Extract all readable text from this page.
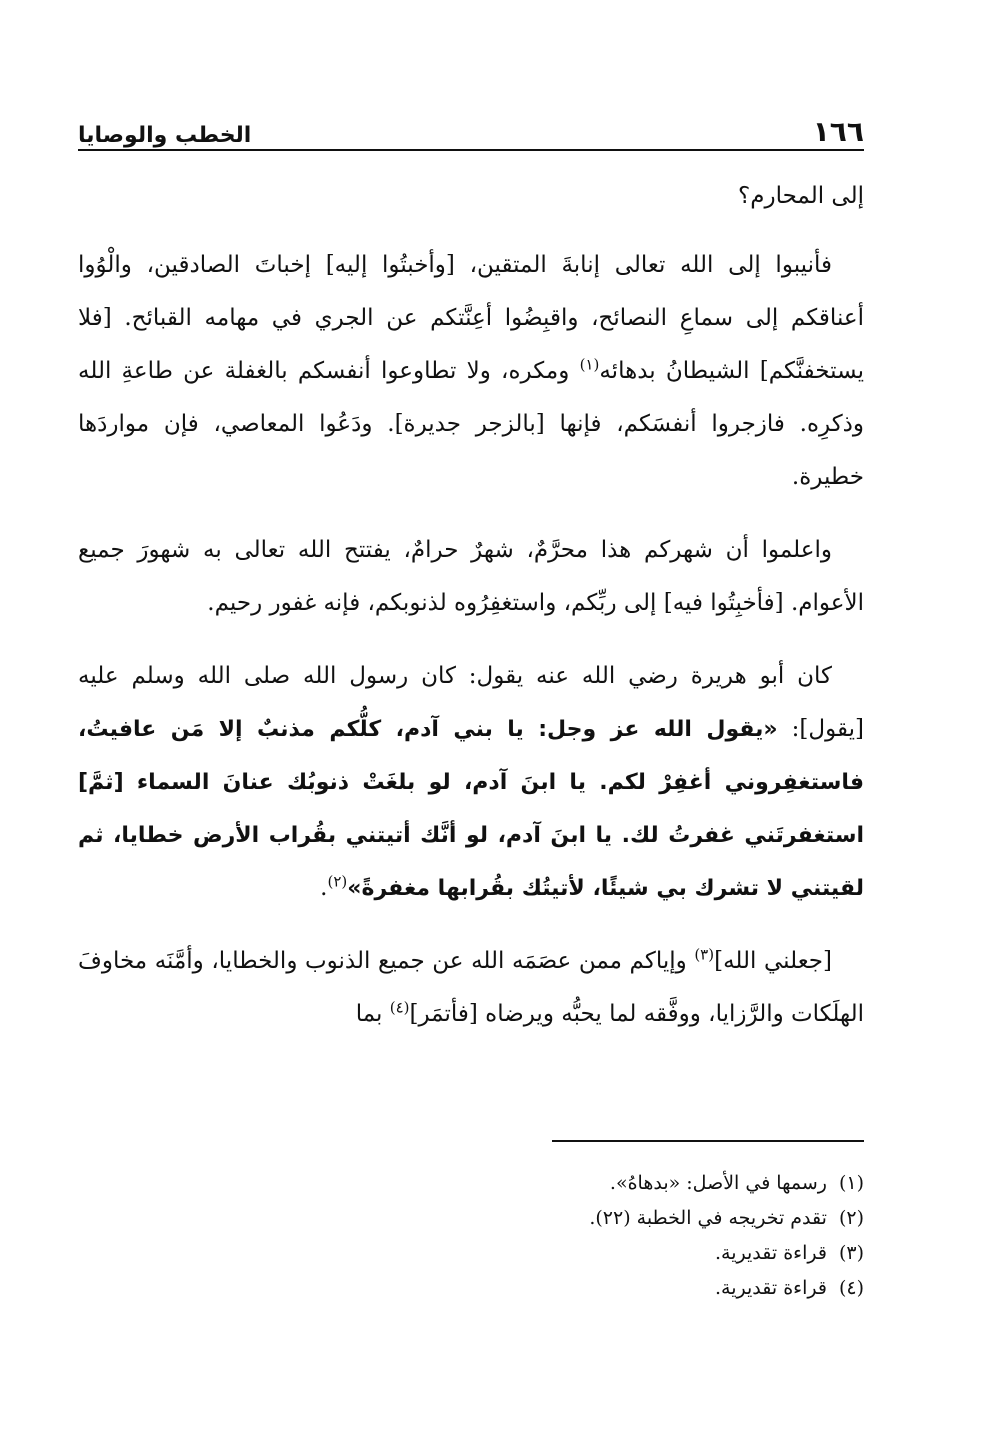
١٦٦
الخطب والوصايا

إلى المحارم؟

فأنيبوا إلى الله تعالى إنابةَ المتقين، [وأخبتُوا إليه] إخباتَ الصادقين، والْوُوا أعناقكم إلى سماعِ النصائح، واقبِضُوا أعِنَّتكم عن الجري في مهامه القبائح. [فلا يستخفنَّكم] الشيطانُ بدهائه$^{(١)}$ ومكره، ولا تطاوعوا أنفسكم بالغفلة عن طاعةِ الله وذكرِه. فازجروا أنفسَكم، فإنها [بالزجر جديرة]. ودَعُوا المعاصي، فإن مواردَها خطيرة.

واعلموا أن شهركم هذا محرَّمٌ، شهرٌ حرامٌ، يفتتح الله تعالى به شهورَ جميع الأعوام. [فأخبِتُوا فيه] إلى ربِّكم، واستغفِرُوه لذنوبكم، فإنه غفور رحيم.

كان أبو هريرة رضي الله عنه يقول: كان رسول الله صلى الله وسلم عليه [يقول]: «يقول الله عز وجل: يا بني آدم، كلُّكم مذنبٌ إلا مَن عافيتُ، فاستغفِروني أغفِرْ لكم. يا ابنَ آدم، لو بلغَتْ ذنوبُك عنانَ السماء [ثمَّ] استغفرتَني غفرتُ لك. يا ابنَ آدم، لو أنَّك أتيتني بقُراب الأرض خطايا، ثم لقيتني لا تشرك بي شيئًا، لأتيتُك بقُرابها مغفرةً»$^{(٢)}$.

[جعلني الله]$^{(٣)}$ وإياكم ممن عصَمَه الله عن جميع الذنوب والخطايا، وأمَّنَه مخاوفَ الهلَكات والرَّزايا، ووفَّقه لما يحبُّه ويرضاه [فأتمَر]$^{(٤)}$ بما

(١)رسمها في الأصل: «بدهاهُ».
(٢)تقدم تخريجه في الخطبة (٢٢).
(٣)قراءة تقديرية.
(٤)قراءة تقديرية.
